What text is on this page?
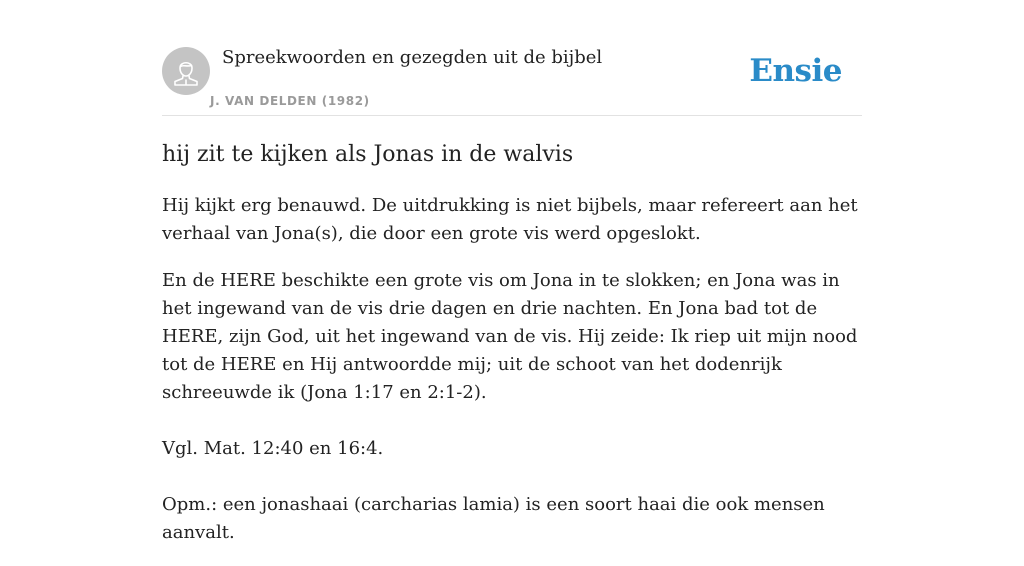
Spreekwoorden en gezegden uit de bijbel
J. VAN DELDEN (1982)
Ensie
hij zit te kijken als Jonas in de walvis

Hij kijkt erg benauwd. De uitdrukking is niet bijbels, maar refereert aan het verhaal van Jona(s), die door een grote vis werd opgeslokt.

En de HERE beschikte een grote vis om Jona in te slokken; en Jona was in het ingewand van de vis drie dagen en drie nachten. En Jona bad tot de HERE, zijn God, uit het ingewand van de vis. Hij zeide: Ik riep uit mijn nood tot de HERE en Hij antwoordde mij; uit de schoot van het dodenrijk schreeuwde ik (Jona 1:17 en 2:1-2).

Vgl. Mat. 12:40 en 16:4.

Opm.: een jonashaai (carcharias lamia) is een soort haai die ook mensen aanvalt.
